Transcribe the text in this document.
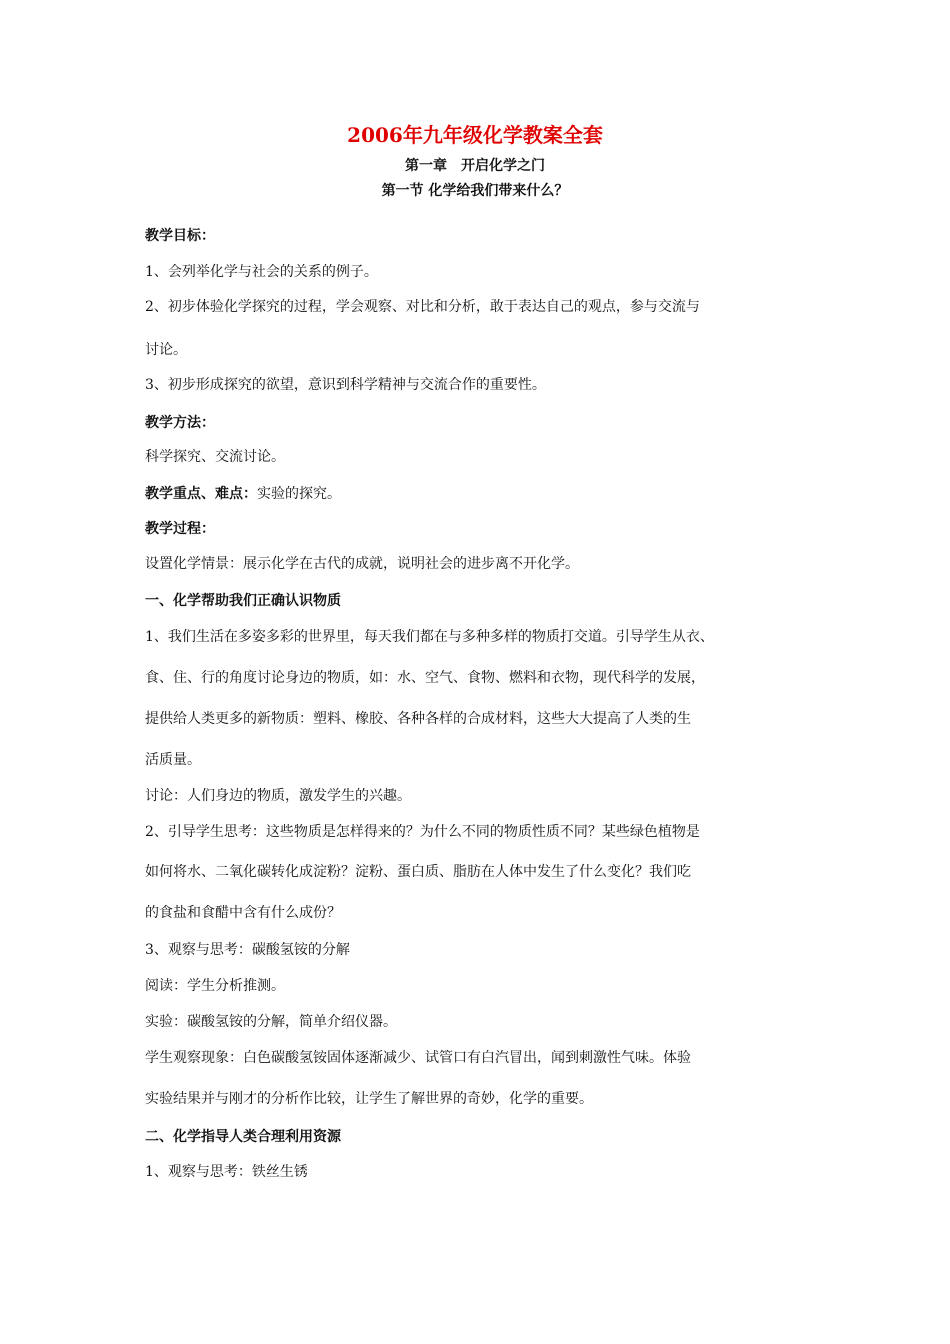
2006年九年级化学教案全套
第一章　开启化学之门
第一节 化学给我们带来什么？
教学目标：
1、会列举化学与社会的关系的例子。
2、初步体验化学探究的过程，学会观察、对比和分析，敢于表达自己的观点，参与交流与
讨论。
3、初步形成探究的欲望，意识到科学精神与交流合作的重要性。
教学方法：
科学探究、交流讨论。
教学重点、难点：实验的探究。
教学过程：
设置化学情景：展示化学在古代的成就，说明社会的进步离不开化学。
一、化学帮助我们正确认识物质
1、我们生活在多姿多彩的世界里，每天我们都在与多种多样的物质打交道。引导学生从衣、
食、住、行的角度讨论身边的物质，如：水、空气、食物、燃料和衣物，现代科学的发展，
提供给人类更多的新物质：塑料、橡胶、各种各样的合成材料，这些大大提高了人类的生
活质量。
讨论：人们身边的物质，激发学生的兴趣。
2、引导学生思考：这些物质是怎样得来的？为什么不同的物质性质不同？某些绿色植物是
如何将水、二氧化碳转化成淀粉？淀粉、蛋白质、脂肪在人体中发生了什么变化？我们吃
的食盐和食醋中含有什么成份？
3、观察与思考：碳酸氢铵的分解
阅读：学生分析推测。
实验：碳酸氢铵的分解，简单介绍仪器。
学生观察现象：白色碳酸氢铵固体逐渐减少、试管口有白汽冒出，闻到刺激性气味。体验
实验结果并与刚才的分析作比较，让学生了解世界的奇妙，化学的重要。
二、化学指导人类合理利用资源
1、观察与思考：铁丝生锈
